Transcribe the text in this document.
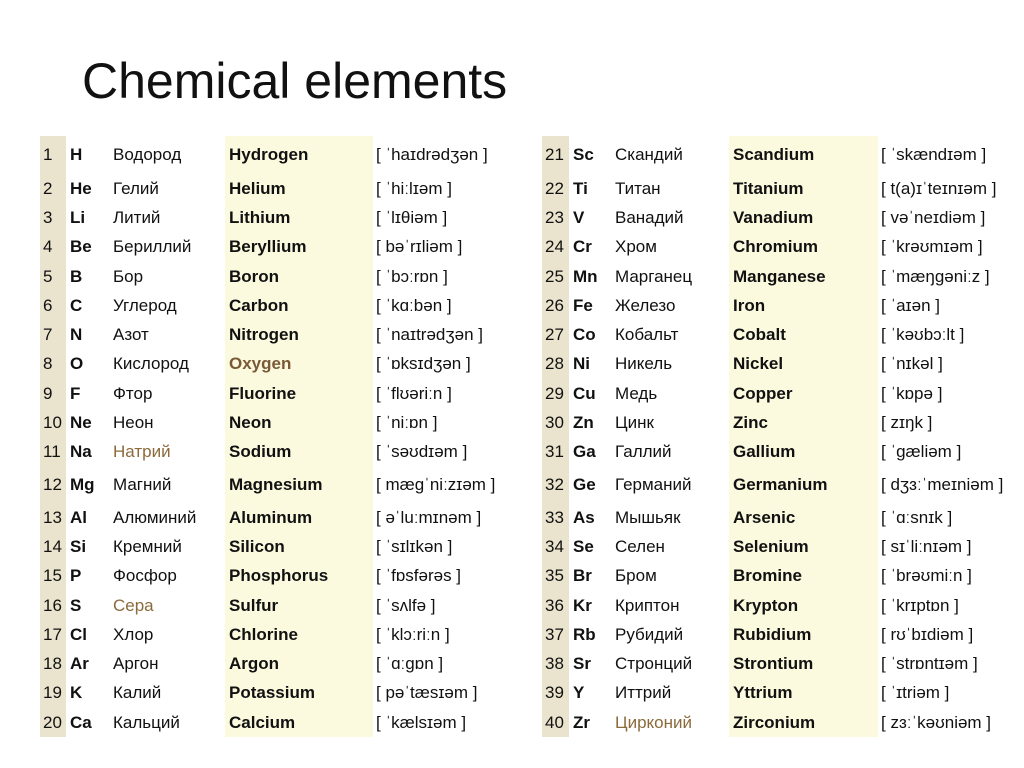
Chemical elements
1	H	Водород	Hydrogen	[ ˈhaɪdrədʒən ]
2	He	Гелий	Helium	[ ˈhiːlɪəm ]
3	Li	Литий	Lithium	[ ˈlɪθiəm ]
4	Be	Бериллий	Beryllium	[ bəˈrɪliəm ]
5	B	Бор	Boron	[ ˈbɔːrɒn ]
6	C	Углерод	Carbon	[ ˈkɑːbən ]
7	N	Азот	Nitrogen	[ ˈnaɪtrədʒən ]
8	O	Кислород	Oxygen	[ ˈɒksɪdʒən ]
9	F	Фтор	Fluorine	[ ˈflʊəriːn ]
10	Ne	Неон	Neon	[ ˈniːɒn ]
11	Na	Натрий	Sodium	[ ˈsəʊdɪəm ]
12	Mg	Магний	Magnesium	[ mægˈniːzɪəm ]
13	Al	Алюминий	Aluminum	[ əˈluːmɪnəm ]
14	Si	Кремний	Silicon	[ ˈsɪlɪkən ]
15	P	Фосфор	Phosphorus	[ ˈfɒsfərəs ]
16	S	Сера	Sulfur	[ ˈsʌlfə ]
17	Cl	Хлор	Chlorine	[ ˈklɔːriːn ]
18	Ar	Аргон	Argon	[ ˈɑːgɒn ]
19	K	Калий	Potassium	[ pəˈtæsɪəm ]
20	Ca	Кальций	Calcium	[ ˈkælsɪəm ]
21	Sc	Скандий	Scandium	[ ˈskændɪəm ]
22	Ti	Титан	Titanium	[ t(a)ɪˈteɪnɪəm ]
23	V	Ванадий	Vanadium	[ vəˈneɪdiəm ]
24	Cr	Хром	Chromium	[ ˈkrəʊmɪəm ]
25	Mn	Марганец	Manganese	[ ˈmæŋgəniːz ]
26	Fe	Железо	Iron	[ ˈaɪən ]
27	Co	Кобальт	Cobalt	[ ˈkəʊbɔːlt ]
28	Ni	Никель	Nickel	[ ˈnɪkəl ]
29	Cu	Медь	Copper	[ ˈkɒpə ]
30	Zn	Цинк	Zinc	[ zɪŋk ]
31	Ga	Галлий	Gallium	[ ˈgæliəm ]
32	Ge	Германий	Germanium	[ dʒɜːˈmeɪniəm ]
33	As	Мышьяк	Arsenic	[ ˈɑːsnɪk ]
34	Se	Селен	Selenium	[ sɪˈliːnɪəm ]
35	Br	Бром	Bromine	[ ˈbrəʊmiːn ]
36	Kr	Криптон	Krypton	[ ˈkrɪptɒn ]
37	Rb	Рубидий	Rubidium	[ rʊˈbɪdiəm ]
38	Sr	Стронций	Strontium	[ ˈstrɒntɪəm ]
39	Y	Иттрий	Yttrium	[ ˈɪtriəm ]
40	Zr	Цирконий	Zirconium	[ zɜːˈkəʊniəm ]
